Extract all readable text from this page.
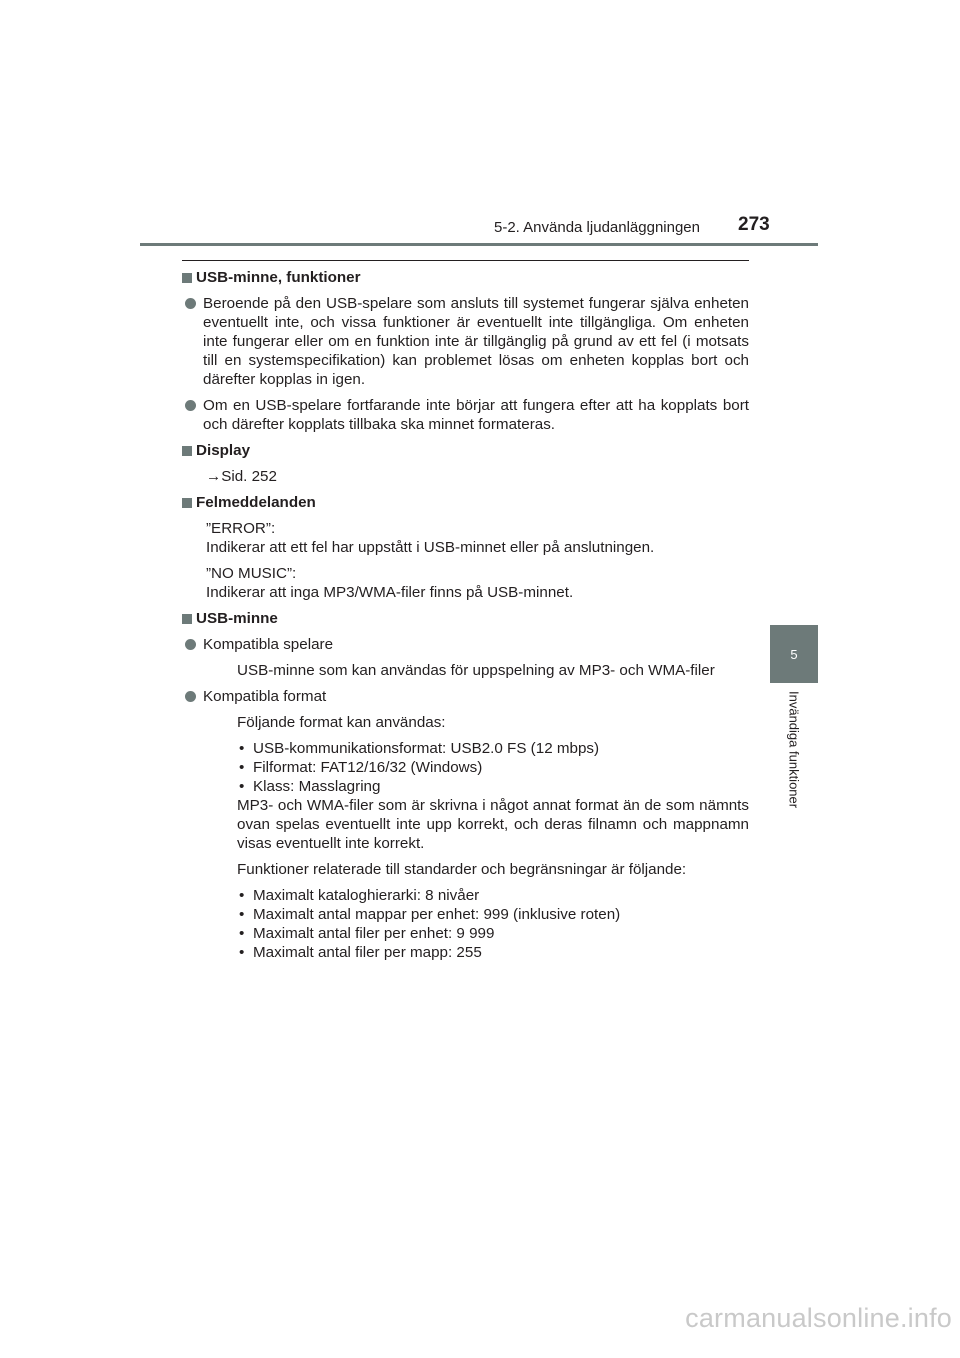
5-2. Använda ljudanläggningen 273
5
Invändiga funktioner
USB-minne, funktioner
Beroende på den USB-spelare som ansluts till systemet fungerar själva enheten eventuellt inte, och vissa funktioner är eventuellt inte tillgängliga. Om enheten inte fungerar eller om en funktion inte är tillgänglig på grund av ett fel (i motsats till en systemspecifikation) kan problemet lösas om enheten kopplas bort och därefter kopplas in igen.
Om en USB-spelare fortfarande inte börjar att fungera efter att ha kopplats bort och därefter kopplats tillbaka ska minnet formateras.
Display
→Sid. 252
Felmeddelanden
”ERROR”:
Indikerar att ett fel har uppstått i USB-minnet eller på anslutningen.
”NO MUSIC”:
Indikerar att inga MP3/WMA-filer finns på USB-minnet.
USB-minne
Kompatibla spelare
USB-minne som kan användas för uppspelning av MP3- och WMA-filer
Kompatibla format
Följande format kan användas:
• USB-kommunikationsformat: USB2.0 FS (12 mbps)
• Filformat: FAT12/16/32 (Windows)
• Klass: Masslagring
MP3- och WMA-filer som är skrivna i något annat format än de som nämnts ovan spelas eventuellt inte upp korrekt, och deras filnamn och mappnamn visas eventuellt inte korrekt.
Funktioner relaterade till standarder och begränsningar är följande:
• Maximalt kataloghierarki: 8 nivåer
• Maximalt antal mappar per enhet: 999 (inklusive roten)
• Maximalt antal filer per enhet: 9 999
• Maximalt antal filer per mapp: 255
carmanualsonline.info
